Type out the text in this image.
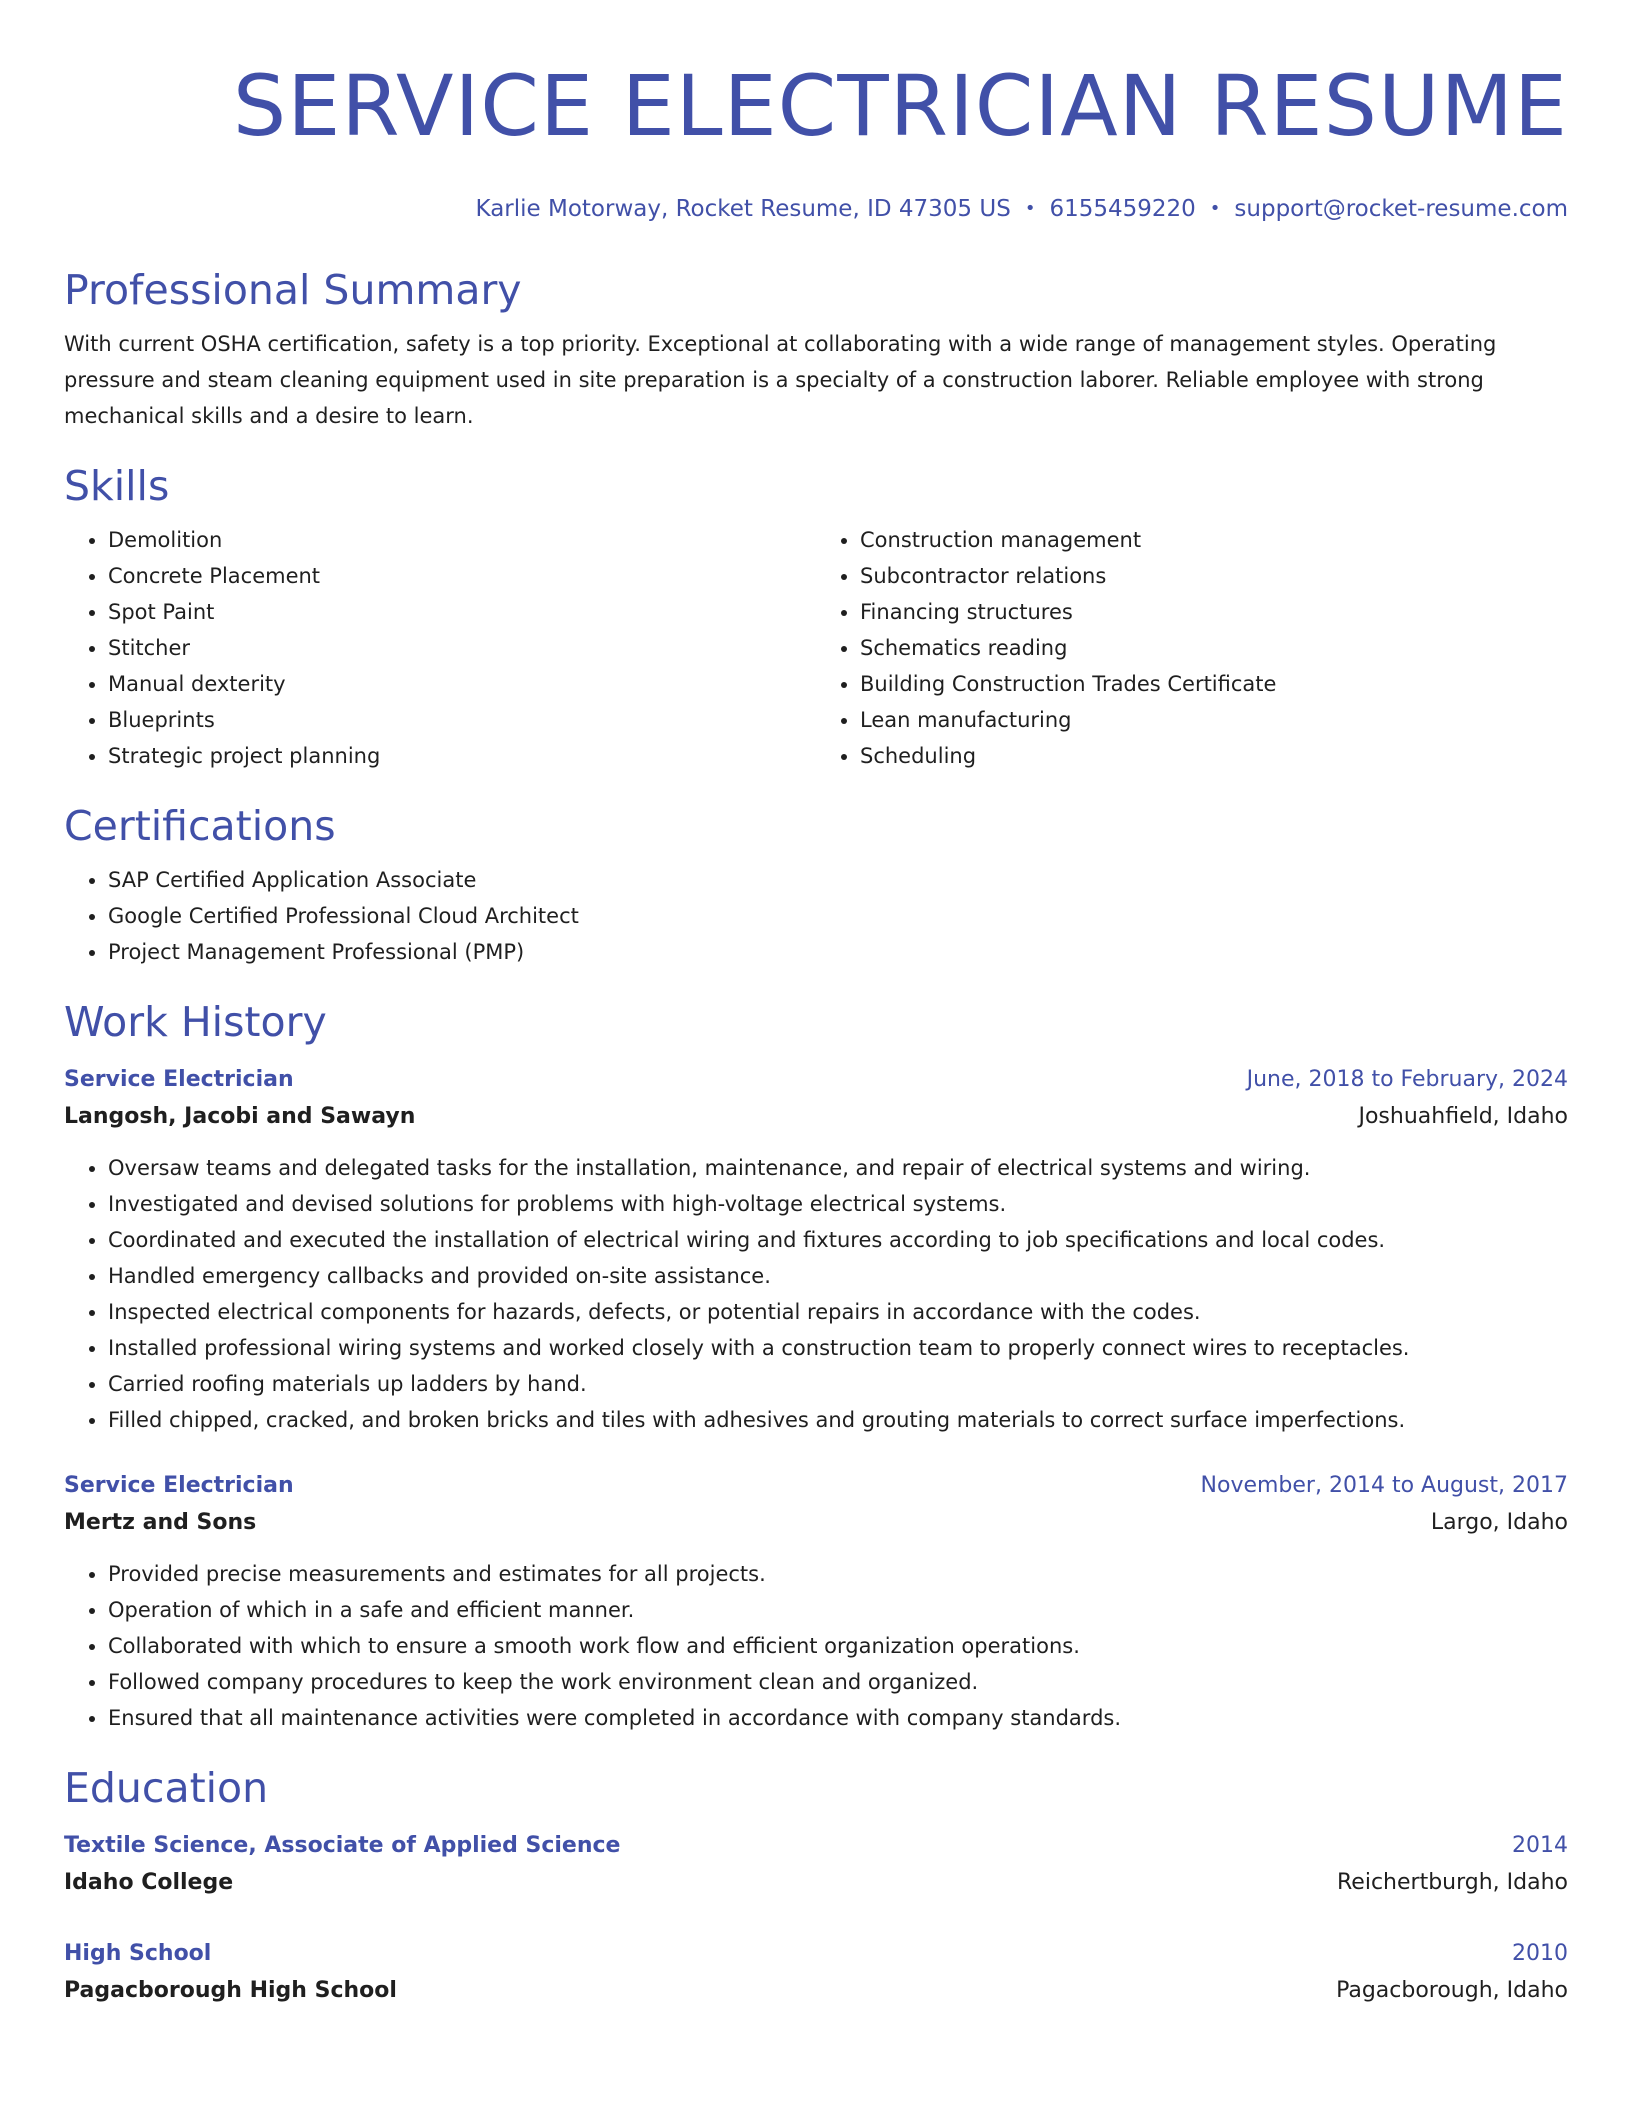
SERVICE ELECTRICIAN RESUME
Karlie Motorway, Rocket Resume, ID 47305 US • 6155459220 • support@rocket-resume.com
Professional Summary

With current OSHA certification, safety is a top priority. Exceptional at collaborating with a wide range of management styles. Operating pressure and steam cleaning equipment used in site preparation is a specialty of a construction laborer. Reliable employee with strong mechanical skills and a desire to learn.

Skills
• Demolition
• Concrete Placement
• Spot Paint
• Stitcher
• Manual dexterity
• Blueprints
• Strategic project planning
• Construction management
• Subcontractor relations
• Financing structures
• Schematics reading
• Building Construction Trades Certificate
• Lean manufacturing
• Scheduling
Certifications
• SAP Certified Application Associate
• Google Certified Professional Cloud Architect
• Project Management Professional (PMP)
Work History
Service Electrician	June, 2018 to February, 2024
Langosh, Jacobi and Sawayn	Joshuahfield, Idaho
• Oversaw teams and delegated tasks for the installation, maintenance, and repair of electrical systems and wiring.
• Investigated and devised solutions for problems with high-voltage electrical systems.
• Coordinated and executed the installation of electrical wiring and fixtures according to job specifications and local codes.
• Handled emergency callbacks and provided on-site assistance.
• Inspected electrical components for hazards, defects, or potential repairs in accordance with the codes.
• Installed professional wiring systems and worked closely with a construction team to properly connect wires to receptacles.
• Carried roofing materials up ladders by hand.
• Filled chipped, cracked, and broken bricks and tiles with adhesives and grouting materials to correct surface imperfections.
Service Electrician	November, 2014 to August, 2017
Mertz and Sons	Largo, Idaho
• Provided precise measurements and estimates for all projects.
• Operation of which in a safe and efficient manner.
• Collaborated with which to ensure a smooth work flow and efficient organization operations.
• Followed company procedures to keep the work environment clean and organized.
• Ensured that all maintenance activities were completed in accordance with company standards.
Education
Textile Science, Associate of Applied Science	2014
Idaho College	Reichertburgh, Idaho
High School	2010
Pagacborough High School	Pagacborough, Idaho
